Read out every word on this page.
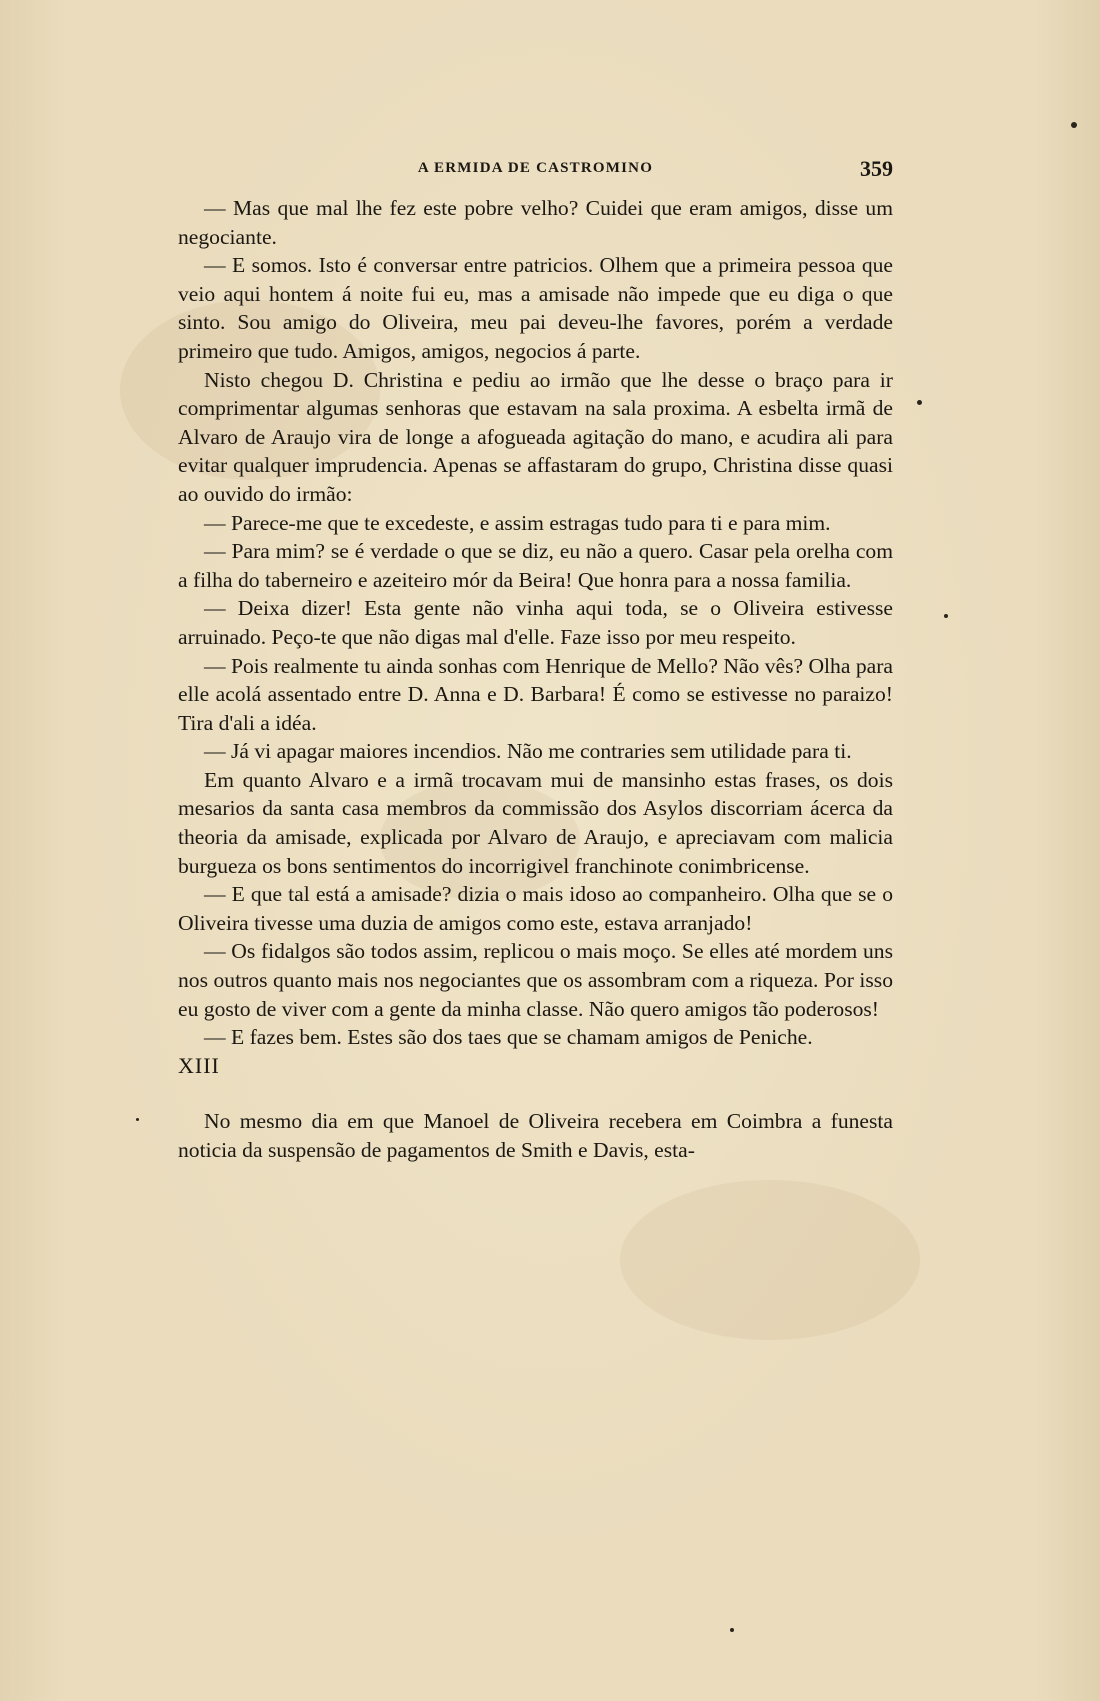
A ERMIDA DE CASTROMINO	359

— Mas que mal lhe fez este pobre velho? Cuidei que eram amigos, disse um negociante.

— E somos. Isto é conversar entre patricios. Olhem que a primeira pessoa que veio aqui hontem á noite fui eu, mas a amisade não impede que eu diga o que sinto. Sou amigo do Oliveira, meu pai deveu-lhe favores, porém a verdade primeiro que tudo. Amigos, amigos, negocios á parte.

Nisto chegou D. Christina e pediu ao irmão que lhe desse o braço para ir comprimentar algumas senhoras que estavam na sala proxima. A esbelta irmã de Alvaro de Araujo vira de longe a afogueada agitação do mano, e acudira ali para evitar qualquer imprudencia. Apenas se affastaram do grupo, Christina disse quasi ao ouvido do irmão:

— Parece-me que te excedeste, e assim estragas tudo para ti e para mim.

— Para mim? se é verdade o que se diz, eu não a quero. Casar pela orelha com a filha do taberneiro e azeiteiro mór da Beira! Que honra para a nossa familia.

— Deixa dizer! Esta gente não vinha aqui toda, se o Oliveira estivesse arruinado. Peço-te que não digas mal d'elle. Faze isso por meu respeito.

— Pois realmente tu ainda sonhas com Henrique de Mello? Não vês? Olha para elle acolá assentado entre D. Anna e D. Barbara! É como se estivesse no paraizo! Tira d'ali a idéa.

— Já vi apagar maiores incendios. Não me contraries sem utilidade para ti.

Em quanto Alvaro e a irmã trocavam mui de mansinho estas frases, os dois mesarios da santa casa membros da commissão dos Asylos discorriam ácerca da theoria da amisade, explicada por Alvaro de Araujo, e apreciavam com malicia burgueza os bons sentimentos do incorrigivel franchinote conimbricense.

— E que tal está a amisade? dizia o mais idoso ao companheiro. Olha que se o Oliveira tivesse uma duzia de amigos como este, estava arranjado!

— Os fidalgos são todos assim, replicou o mais moço. Se elles até mordem uns nos outros quanto mais nos negociantes que os assombram com a riqueza. Por isso eu gosto de viver com a gente da minha classe. Não quero amigos tão poderosos!

— E fazes bem. Estes são dos taes que se chamam amigos de Peniche.

XIII

No mesmo dia em que Manoel de Oliveira recebera em Coimbra a funesta noticia da suspensão de pagamentos de Smith e Davis, esta-
